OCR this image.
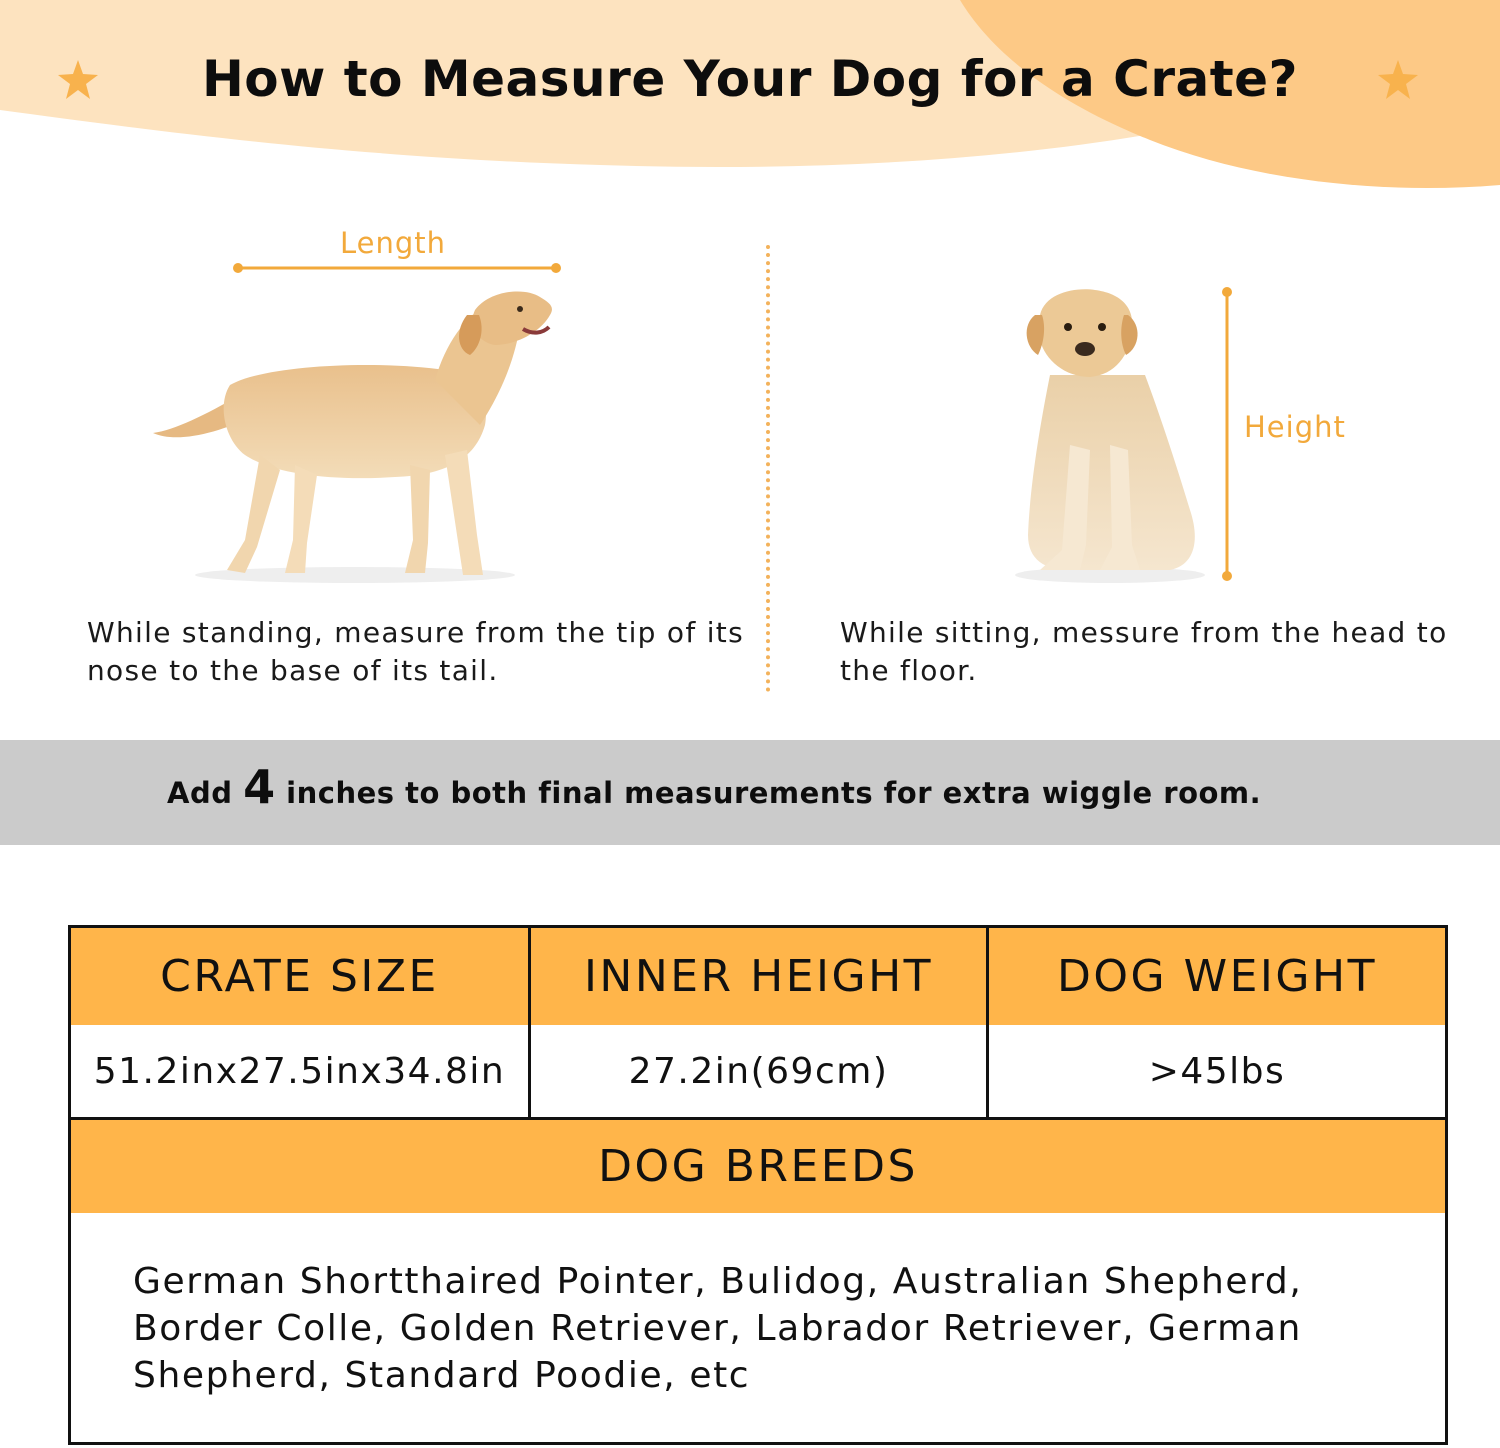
How to Measure Your Dog for a Crate?
Length
Height
While standing, measure from the tip of its nose to the base of its tail.
While sitting, messure from the head to the floor.
Add 4 inches to both final measurements for extra wiggle room.
CRATE SIZE	INNER HEIGHT	DOG WEIGHT
51.2inx27.5inx34.8in	27.2in(69cm)	>45lbs
DOG BREEDS
German Shortthaired Pointer, Bulidog, Australian Shepherd, Border Colle, Golden Retriever, Labrador Retriever, German Shepherd, Standard Poodie, etc
